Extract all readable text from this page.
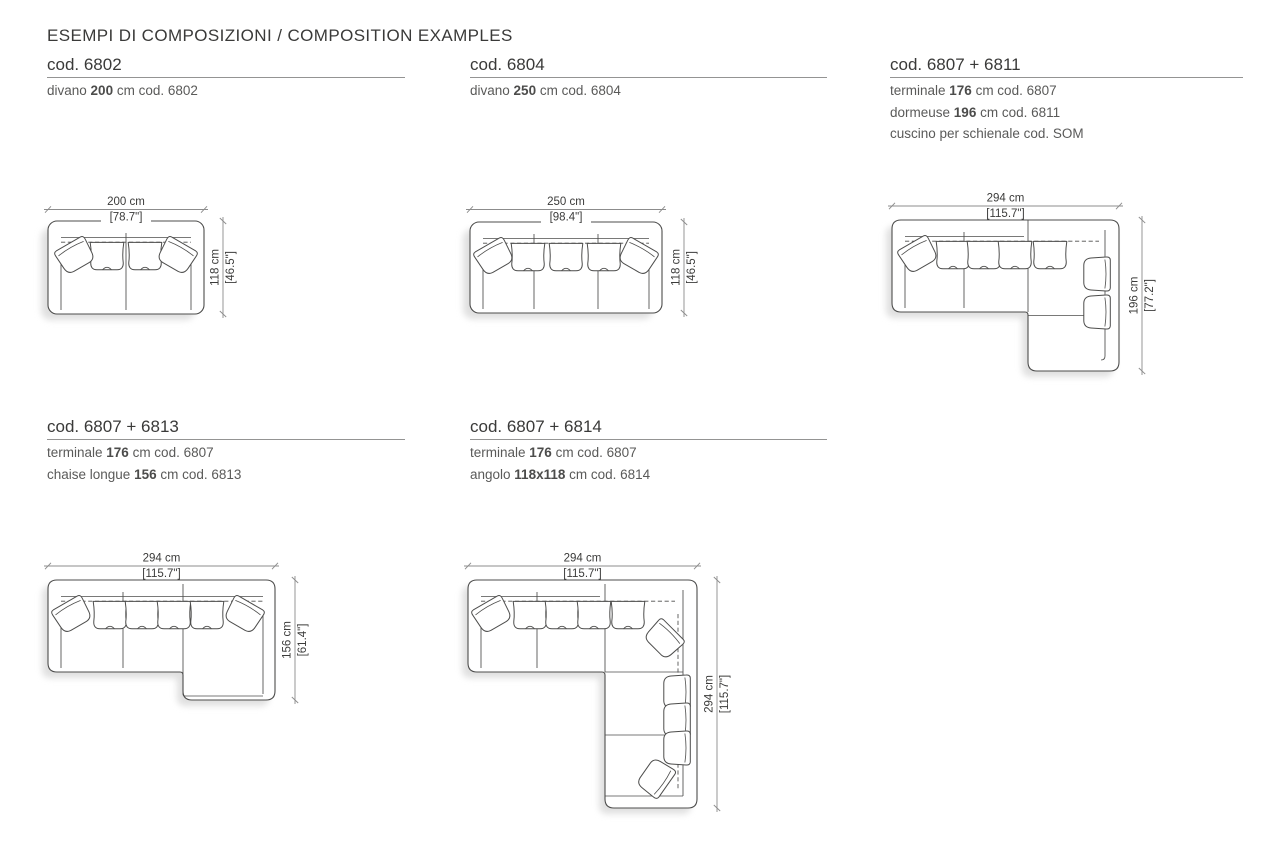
ESEMPI DI COMPOSIZIONI / COMPOSITION EXAMPLES
cod. 6802

divano 200 cm cod. 6802

cod. 6804

divano 250 cm cod. 6804

cod. 6807 + 6811

terminale 176 cm cod. 6807

dormeuse 196 cm cod. 6811

cuscino per schienale cod. SOM

cod. 6807 + 6813

terminale 176 cm cod. 6807

chaise longue 156 cm cod. 6813

cod. 6807 + 6814

terminale 176 cm cod. 6807

angolo 118x118 cm cod. 6814

200 cm
[78.7"]
118 cm [46.5"]
250 cm
[98.4"]
118 cm [46.5"]
294 cm
[115.7"]
196 cm [77.2"]
294 cm
[115.7"]
156 cm [61.4"]
294 cm
[115.7"]
294 cm [115.7"]
